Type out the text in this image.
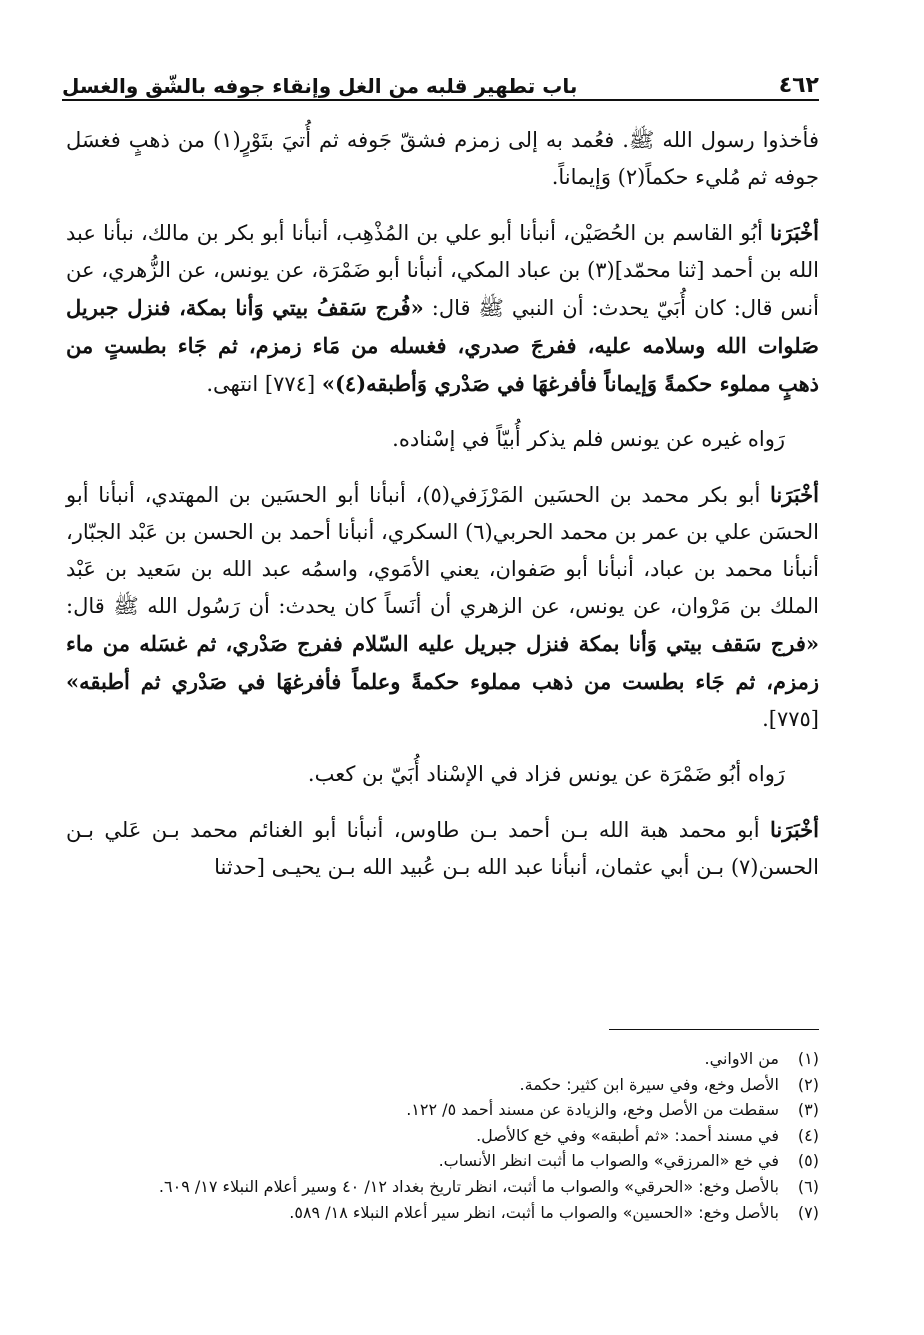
٤٦٢
باب تطهير قلبه من الغل وإنقاء جوفه بالشّق والغسل

فأخذوا رسول الله ﷺ. فعُمد به إلى زمزم فشقّ جَوفه ثم أُتيَ بتَوْرٍ(١) من ذهبٍ فغسَل جوفه ثم مُليء حكماً(٢) وَإيماناً.

أخْبَرَنا أبُو القاسم بن الحُصَيْن، أنبأنا أبو علي بن المُذْهِب، أنبأنا أبو بكر بن مالك، نبأنا عبد الله بن أحمد [ثنا محمّد](٣) بن عباد المكي، أنبأنا أبو ضَمْرَة، عن يونس، عن الزُّهري، عن أنس قال: كان أُبَيّ يحدث: أن النبي ﷺ قال: «فُرج سَقفُ بيتي وَأنا بمكة، فنزل جبريل صَلوات الله وسلامه عليه، ففرجَ صدري، فغسله من مَاء زمزم، ثم جَاء بطستٍ من ذهبٍ مملوء حكمةً وَإيماناً فأفرغهَا في صَدْري وَأطبقه(٤)» [٧٧٤] انتهى.

رَواه غيره عن يونس فلم يذكر أُبيّاً في إسْناده.

أخْبَرَنا أبو بكر محمد بن الحسَين المَرْزَفي(٥)، أنبأنا أبو الحسَين بن المهتدي، أنبأنا أبو الحسَن علي بن عمر بن محمد الحربي(٦) السكري، أنبأنا أحمد بن الحسن بن عَبْد الجبّار، أنبأنا محمد بن عباد، أنبأنا أبو صَفوان، يعني الأمَوي، واسمُه عبد الله بن سَعيد بن عَبْد الملك بن مَرْوان، عن يونس، عن الزهري أن أنَساً كان يحدث: أن رَسُول الله ﷺ قال: «فرج سَقف بيتي وَأنا بمكة فنزل جبريل عليه السّلام ففرج صَدْري، ثم غسَله من ماء زمزم، ثم جَاء بطست من ذهب مملوء حكمةً وعلماً فأفرغهَا في صَدْري ثم أطبقه» [٧٧٥].

رَواه أبُو ضَمْرَة عن يونس فزاد في الإسْناد أُبَيّ بن كعب.

أخْبَرَنا أبو محمد هبة الله بـن أحمد بـن طاوس، أنبأنا أبو الغنائم محمد بـن عَلي بـن الحسن(٧) بـن أبي عثمان، أنبأنا عبد الله بـن عُبيد الله بـن يحيـى [حدثنا

(١)
من الاواني.
(٢)
الأصل وخع، وفي سيرة ابن كثير: حكمة.
(٣)
سقطت من الأصل وخع، والزيادة عن مسند أحمد ٥/ ١٢٢.
(٤)
في مسند أحمد: «ثم أطبقه» وفي خع كالأصل.
(٥)
في خع «المرزقي» والصواب ما أثبت انظر الأنساب.
(٦)
بالأصل وخع: «الحرقي» والصواب ما أثبت، انظر تاريخ بغداد ١٢/ ٤٠ وسير أعلام النبلاء ١٧/ ٦٠٩.
(٧)
بالأصل وخع: «الحسين» والصواب ما أثبت، انظر سير أعلام النبلاء ١٨/ ٥٨٩.
